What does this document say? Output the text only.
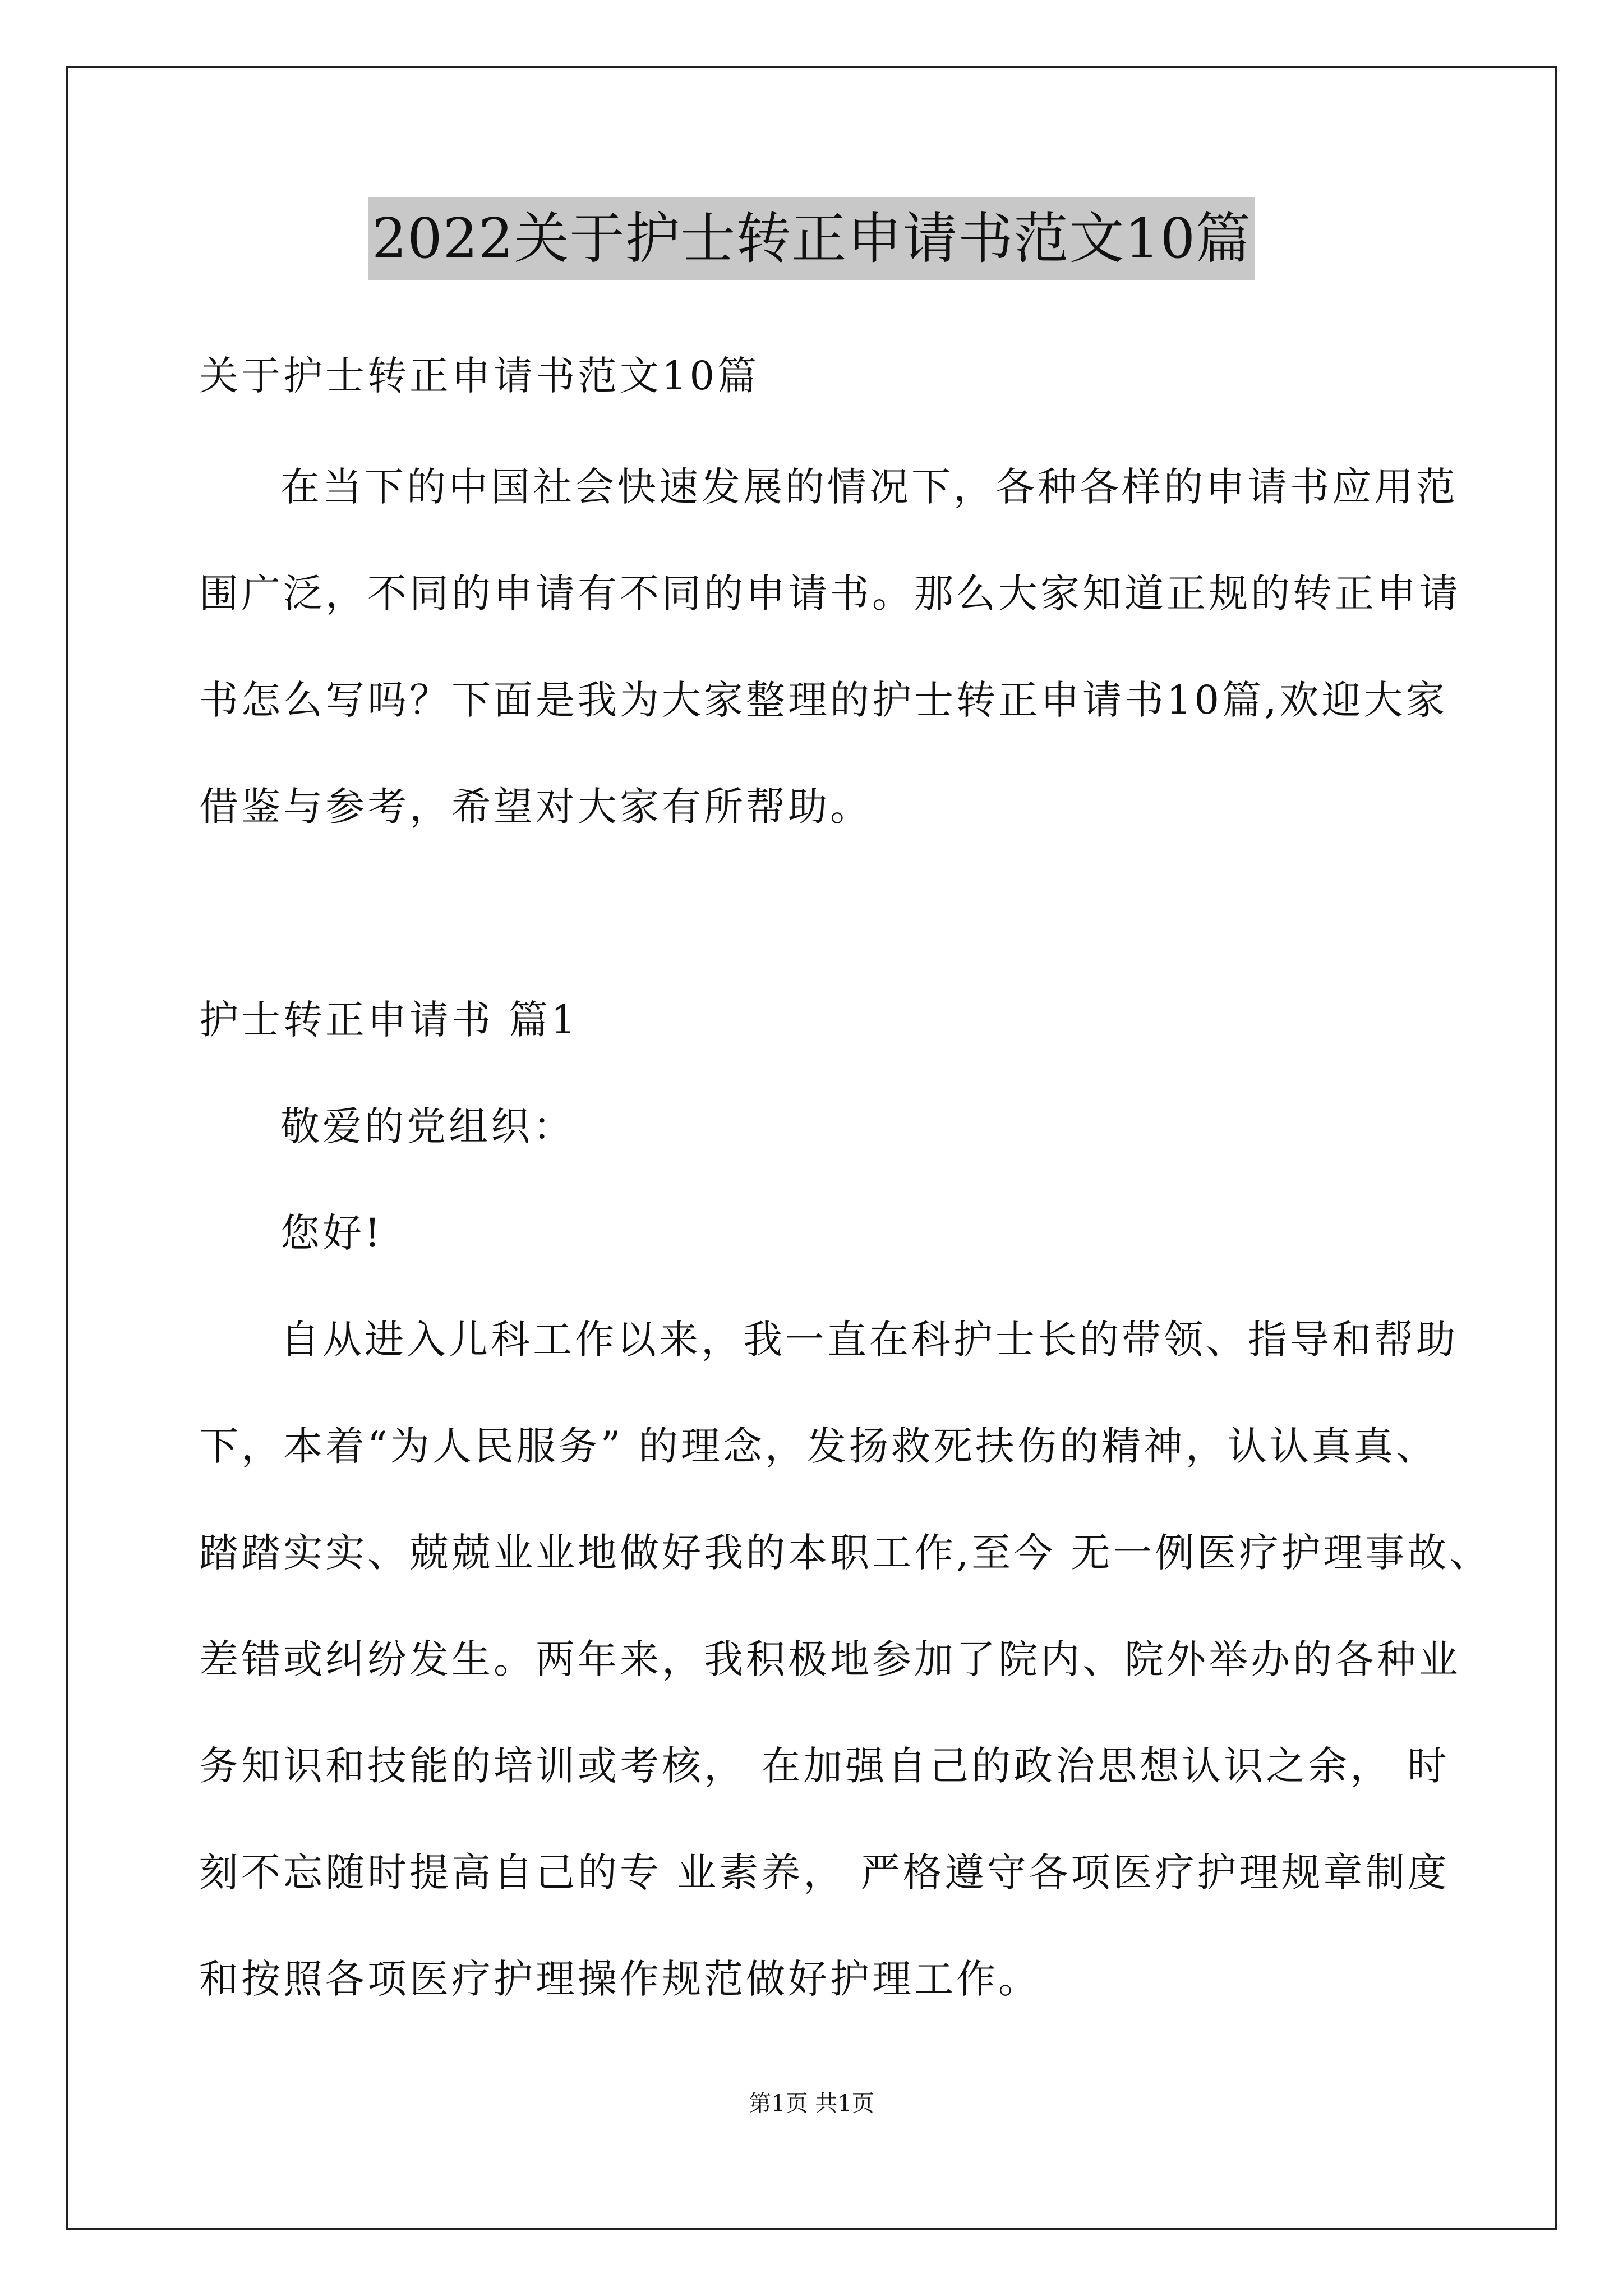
2022关于护士转正申请书范文10篇
关于护士转正申请书范文10篇
在当下的中国社会快速发展的情况下，各种各样的申请书应用范
围广泛，不同的申请有不同的申请书。那么大家知道正规的转正申请
书怎么写吗？下面是我为大家整理的护士转正申请书10篇,欢迎大家
借鉴与参考，希望对大家有所帮助。
护士转正申请书 篇1
敬爱的党组织：
您好!
自从进入儿科工作以来，我一直在科护士长的带领、指导和帮助
下，本着“为人民服务” 的理念，发扬救死扶伤的精神，认认真真、
踏踏实实、兢兢业业地做好我的本职工作,至今 无一例医疗护理事故、
差错或纠纷发生。两年来，我积极地参加了院内、院外举办的各种业
务知识和技能的培训或考核， 在加强自己的政治思想认识之余， 时
刻不忘随时提高自己的专 业素养， 严格遵守各项医疗护理规章制度
和按照各项医疗护理操作规范做好护理工作。
第1页 共1页
